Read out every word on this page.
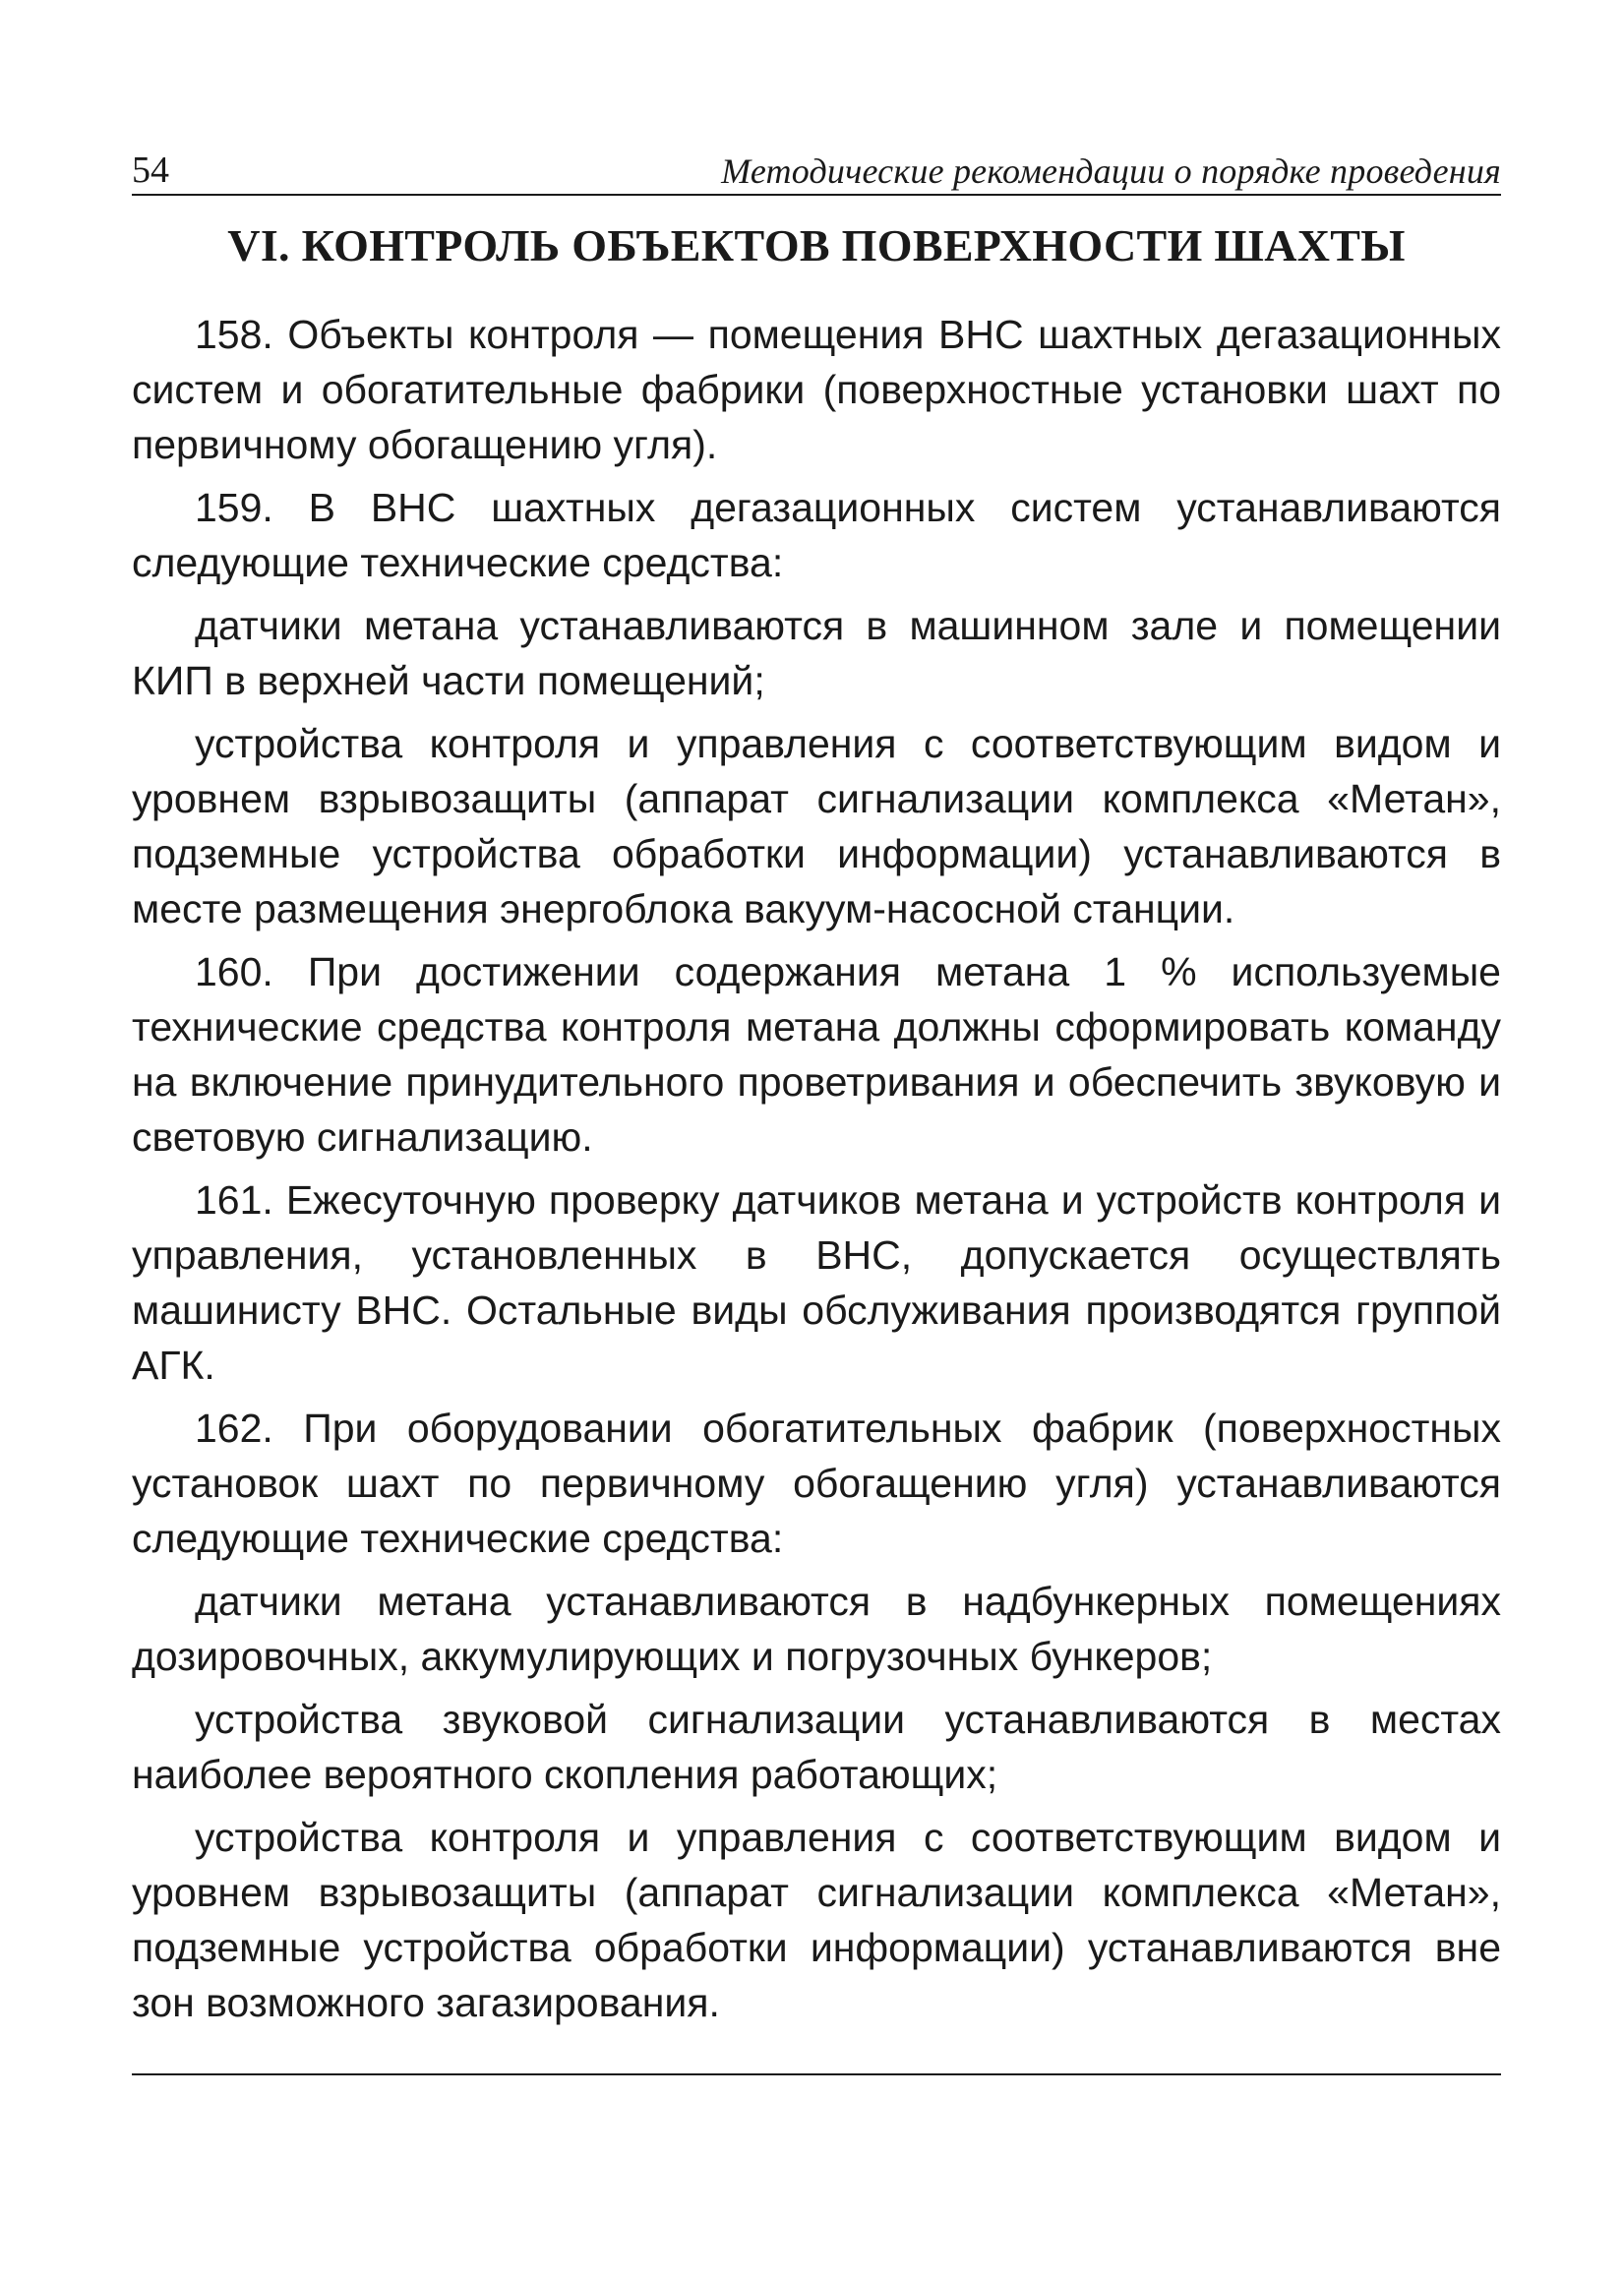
54	Методические рекомендации о порядке проведения
VI. КОНТРОЛЬ ОБЪЕКТОВ ПОВЕРХНОСТИ ШАХТЫ

158. Объекты контроля — помещения ВНС шахтных дегазационных систем и обогатительные фабрики (поверхностные установки шахт по первичному обогащению угля).

159. В ВНС шахтных дегазационных систем устанавливаются следующие технические средства:

датчики метана устанавливаются в машинном зале и помещении КИП в верхней части помещений;

устройства контроля и управления с соответствующим видом и уровнем взрывозащиты (аппарат сигнализации комплекса «Метан», подземные устройства обработки информации) устанавливаются в месте размещения энергоблока вакуум-насосной станции.

160. При достижении содержания метана 1 % используемые технические средства контроля метана должны сформировать команду на включение принудительного проветривания и обеспечить звуковую и световую сигнализацию.

161. Ежесуточную проверку датчиков метана и устройств контроля и управления, установленных в ВНС, допускается осуществлять машинисту ВНС. Остальные виды обслуживания производятся группой АГК.

162. При оборудовании обогатительных фабрик (поверхностных установок шахт по первичному обогащению угля) устанавливаются следующие технические средства:

датчики метана устанавливаются в надбункерных помещениях дозировочных, аккумулирующих и погрузочных бункеров;

устройства звуковой сигнализации устанавливаются в местах наиболее вероятного скопления работающих;

устройства контроля и управления с соответствующим видом и уровнем взрывозащиты (аппарат сигнализации комплекса «Метан», подземные устройства обработки информации) устанавливаются вне зон возможного загазирования.
